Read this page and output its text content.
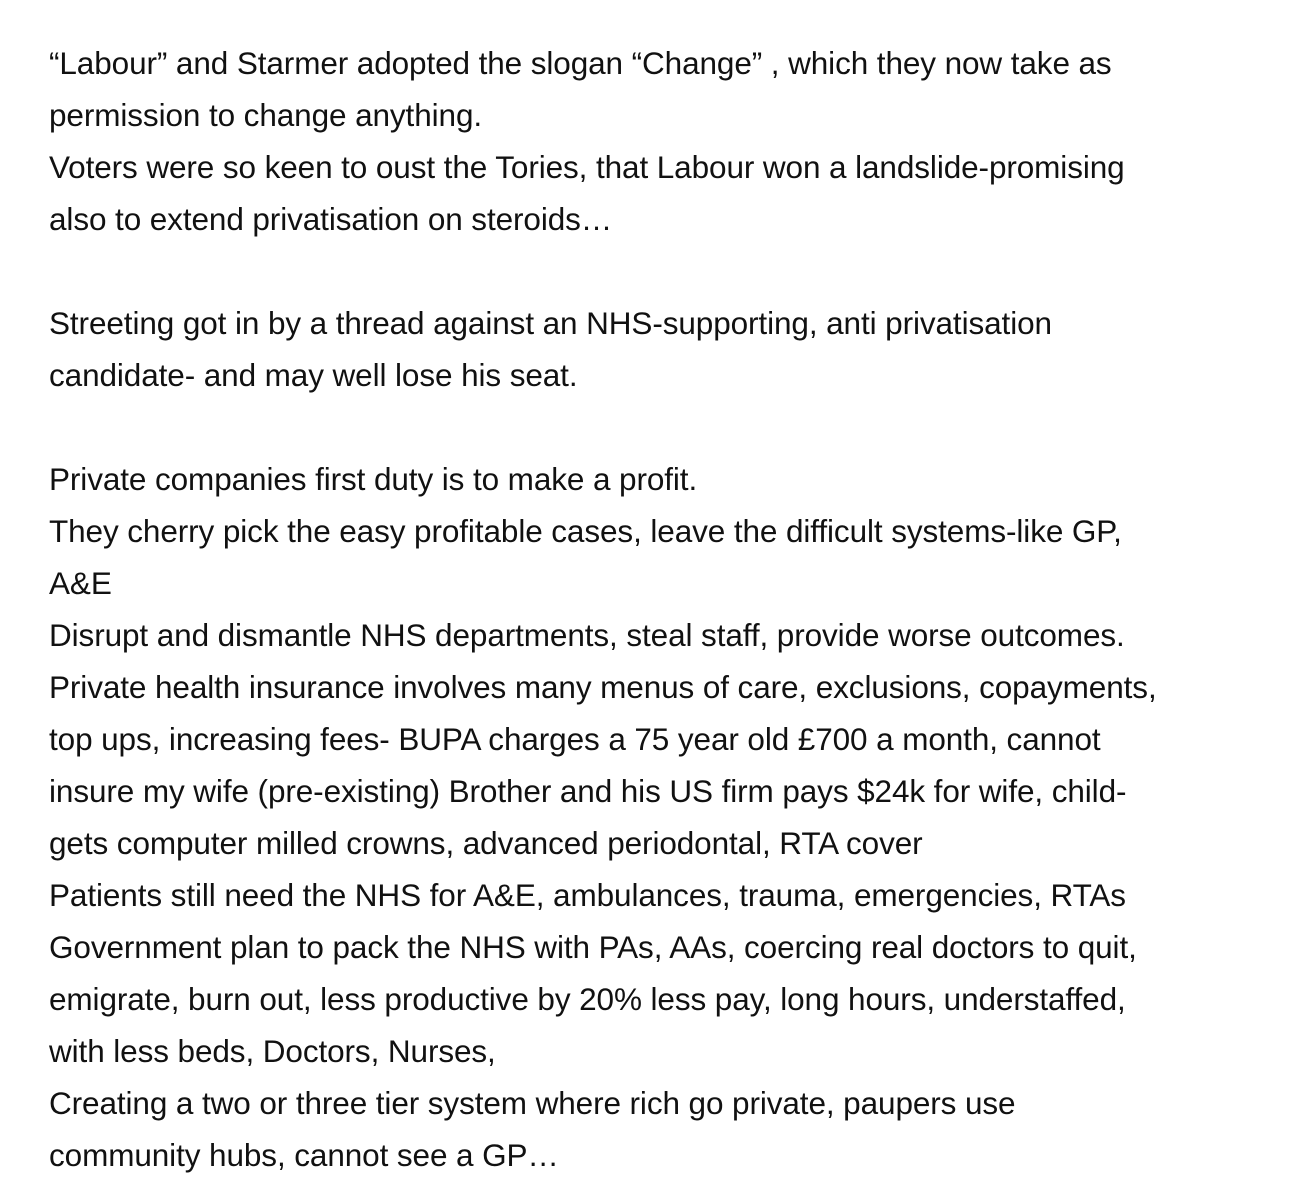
“Labour” and Starmer adopted the slogan “Change” , which they now take as
permission to change anything.
Voters were so keen to oust the Tories, that Labour won a landslide-promising
also to extend privatisation on steroids…
Streeting got in by a thread against an NHS-supporting, anti privatisation
candidate- and may well lose his seat.
Private companies first duty is to make a profit.
They cherry pick the easy profitable cases, leave the difficult systems-like GP,
A&E
Disrupt and dismantle NHS departments, steal staff, provide worse outcomes.
Private health insurance involves many menus of care, exclusions, copayments,
top ups, increasing fees- BUPA charges a 75 year old £700 a month, cannot
insure my wife (pre-existing) Brother and his US firm pays $24k for wife, child-
gets computer milled crowns, advanced periodontal, RTA cover
Patients still need the NHS for A&E, ambulances, trauma, emergencies, RTAs
Government plan to pack the NHS with PAs, AAs, coercing real doctors to quit,
emigrate, burn out, less productive by 20% less pay, long hours, understaffed,
with less beds, Doctors, Nurses,
Creating a two or three tier system where rich go private, paupers use
community hubs, cannot see a GP…
